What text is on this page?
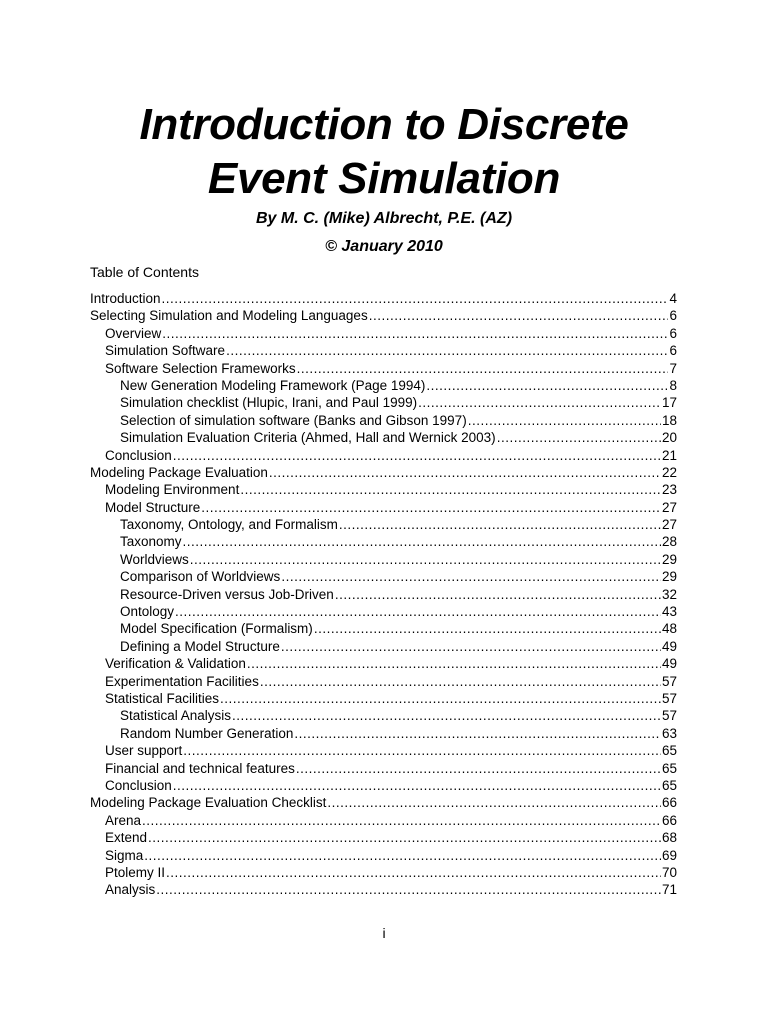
Introduction to Discrete
Event Simulation
By M. C. (Mike) Albrecht, P.E. (AZ)
© January 2010
Table of Contents
Introduction .....	4
Selecting Simulation and Modeling Languages .....	6
Overview .....	6
Simulation Software .....	6
Software Selection Frameworks .....	7
New Generation Modeling Framework (Page 1994) .....	8
Simulation checklist (Hlupic, Irani, and Paul 1999) .....	17
Selection of simulation software (Banks and Gibson 1997) .....	18
Simulation Evaluation Criteria (Ahmed, Hall and Wernick 2003) .....	20
Conclusion .....	21
Modeling Package Evaluation .....	22
Modeling Environment .....	23
Model Structure .....	27
Taxonomy, Ontology, and Formalism .....	27
Taxonomy .....	28
Worldviews .....	29
Comparison of Worldviews .....	29
Resource-Driven versus Job-Driven .....	32
Ontology .....	43
Model Specification (Formalism) .....	48
Defining a Model Structure .....	49
Verification & Validation .....	49
Experimentation Facilities .....	57
Statistical Facilities .....	57
Statistical Analysis .....	57
Random Number Generation .....	63
User support .....	65
Financial and technical features .....	65
Conclusion .....	65
Modeling Package Evaluation Checklist .....	66
Arena .....	66
Extend .....	68
Sigma .....	69
Ptolemy II .....	70
Analysis .....	71
i
